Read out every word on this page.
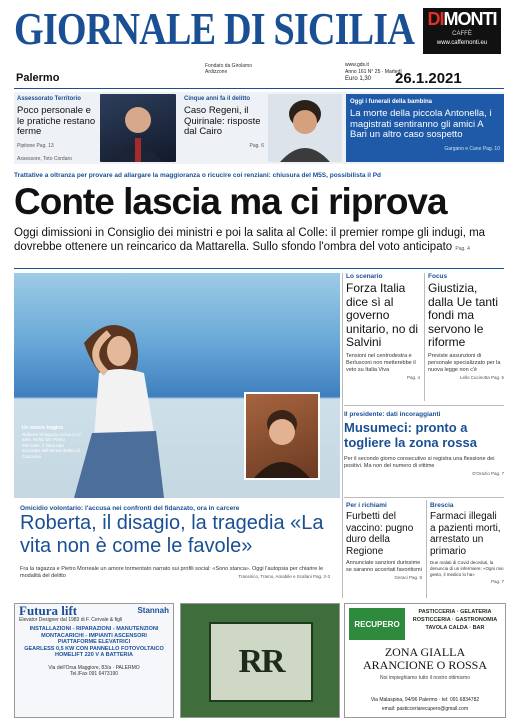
GIORNALE DI SICILIA DIMONTI
CAFFÈ
www.caffemonti.eu
Palermo
Fondato da Girolamo Ardizzone
www.gds.it
Anno 161 N° 25 · Martedì
Euro 1,30 26.1.2021
Assessorato Territorio
Poco personale e le pratiche restano ferme
Pipitone Pag. 13
Assessore, Toto Cordaro
Cinque anni fa il delitto
Caso Regeni, il Quirinale: risposte dal Cairo
Pag. 6
Oggi i funerali della bambina
La morte della piccola Antonella, i magistrati sentiranno gli amici A Bari un altro caso sospetto
Gargano e Cane Pag. 10
Trattative a oltranza per provare ad allargare la maggioranza o ricucire coi renziani: chiusura del M5S, possibilista il Pd
Conte lascia ma ci riprova
Oggi dimissioni in Consiglio dei ministri e poi la salita al Colle: il premier rompe gli indugi, ma dovrebbe ottenere un reincarico da Mattarella. Sullo sfondo l'ombra del voto anticipato Pag. 4
Un amore tragico
Roberta Siragusa uccisa a 17 anni. Nella foto Pietro Morreale, il fidanzato accusato dell'atroce delitto di Caccamo
Omicidio volontario: l'accusa nei confronti del fidanzato, ora in carcere
Roberta, il disagio, la tragedia «La vita non è come le favole»
Fra la ragazza e Pietro Morreale un amore tormentato narrato sui profili social: «Sono stanca». Oggi l'autopsia per chiarire le modalità del delitto	Transirico, Tramo, Amabile e Scafani Pag. 2-3
Lo scenario
Forza Italia dice sì al governo unitario, no di Salvini
Tensioni nel centrodestra e Berlusconi non metterebbe il veto su Italia Viva
Pag. 4
Focus
Giustizia, dalla Ue tanti fondi ma servono le riforme
Previste assunzioni di personale specializzato per la nuova legge non c'è
Lello Cucinotta Pag. 5
Il presidente: dati incoraggianti
Musumeci: pronto a togliere la zona rossa
Per il secondo giorno consecutivo si registra una flessione dei positivi. Ma non del numero di vittime
D'Orazio Pag. 7
Per i richiami
Furbetti del vaccino: pugno duro della Regione
Annunciate sanzioni durissime se saranno accertati favoritismi
Geraci Pag. 8
Brescia
Farmaci illegali a pazienti morti, arrestato un primario
Due malati di Covid deceduti, la denuncia di un infermiere: «Ogni mio gesto, il medico lo ha»
Pag. 7
Futura lift	Stannah
Elevator Designer dal 1983 di F. Cervale & figli
INSTALLAZIONI - RIPARAZIONI - MANUTENZIONI
MONTACARICHI - IMPIANTI ASCENSORI
PIATTAFORME ELEVATRICI
GEARLESS 0,5 KW CON PANNELLO FOTOVOLTAICO
HOMELIFT 220 V A BATTERIA
Via dell'Orsa Maggiore, 83/a · PALERMO
Tel./Fax 091 6473190	RR
RECUPERO
PASTICCERIA · GELATERIA
ROSTICCERIA · GASTRONOMIA
TAVOLA CALDA · BAR
ZONA GIALLA ARANCIONE O ROSSA
Noi impieghiamo tutto il nostro ottimismo
Via Malaspina, 94/96 Palermo · tel: 091 6834782
email: pasticceriarecupero@gmail.com
